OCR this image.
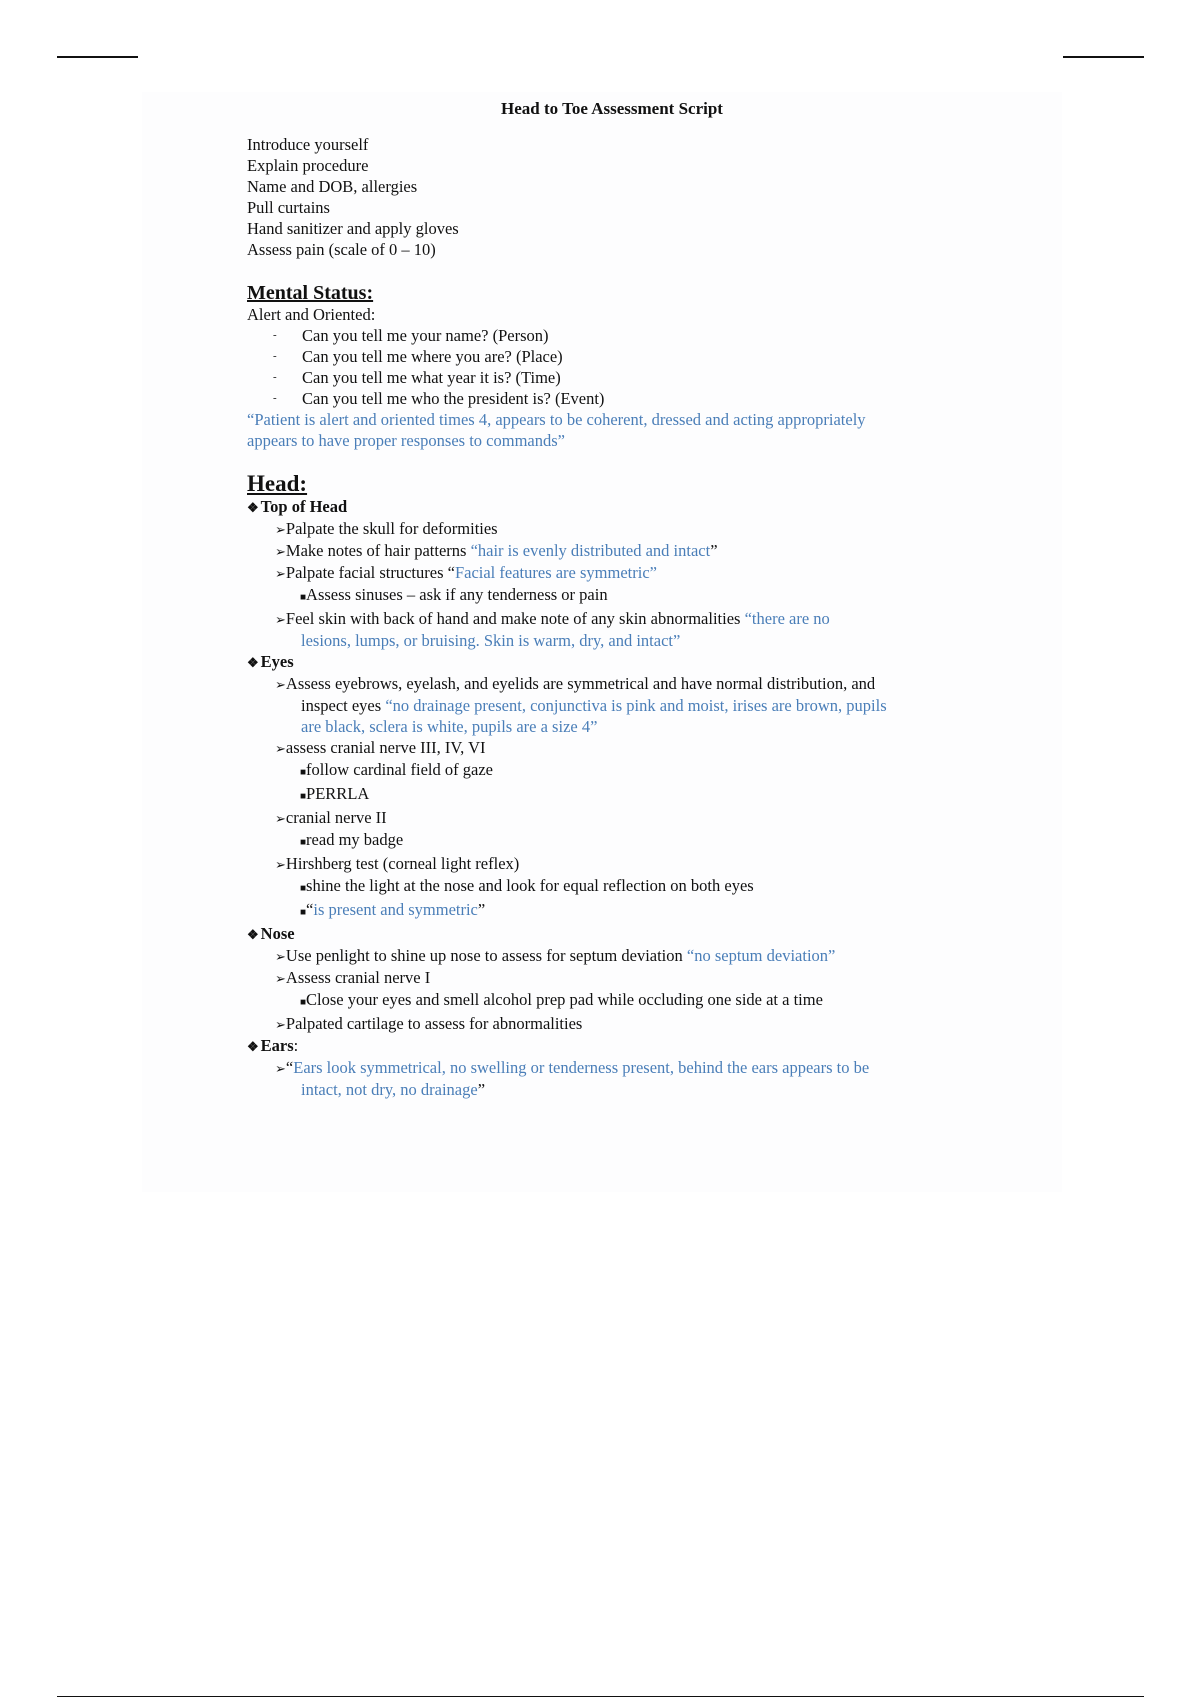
Head to Toe Assessment Script
Introduce yourself
Explain procedure
Name and DOB, allergies
Pull curtains
Hand sanitizer and apply gloves
Assess pain (scale of 0 – 10)
Mental Status:
Alert and Oriented:
- Can you tell me your name? (Person)
- Can you tell me where you are? (Place)
- Can you tell me what year it is? (Time)
- Can you tell me who the president is? (Event)
“Patient is alert and oriented times 4, appears to be coherent, dressed and acting appropriately
appears to have proper responses to commands”
Head:
❖ Top of Head
➢Palpate the skull for deformities
➢Make notes of hair patterns “hair is evenly distributed and intact”
➢Palpate facial structures “Facial features are symmetric”
■Assess sinuses – ask if any tenderness or pain
➢Feel skin with back of hand and make note of any skin abnormalities “there are no
lesions, lumps, or bruising. Skin is warm, dry, and intact”
❖ Eyes
➢Assess eyebrows, eyelash, and eyelids are symmetrical and have normal distribution, and
inspect eyes “no drainage present, conjunctiva is pink and moist, irises are brown, pupils
are black, sclera is white, pupils are a size 4”
➢assess cranial nerve III, IV, VI
■follow cardinal field of gaze
■PERRLA
➢cranial nerve II
■read my badge
➢Hirshberg test (corneal light reflex)
■shine the light at the nose and look for equal reflection on both eyes
■“is present and symmetric”
❖ Nose
➢Use penlight to shine up nose to assess for septum deviation “no septum deviation”
➢Assess cranial nerve I
■Close your eyes and smell alcohol prep pad while occluding one side at a time
➢Palpated cartilage to assess for abnormalities
❖ Ears:
➢“Ears look symmetrical, no swelling or tenderness present, behind the ears appears to be
intact, not dry, no drainage”
